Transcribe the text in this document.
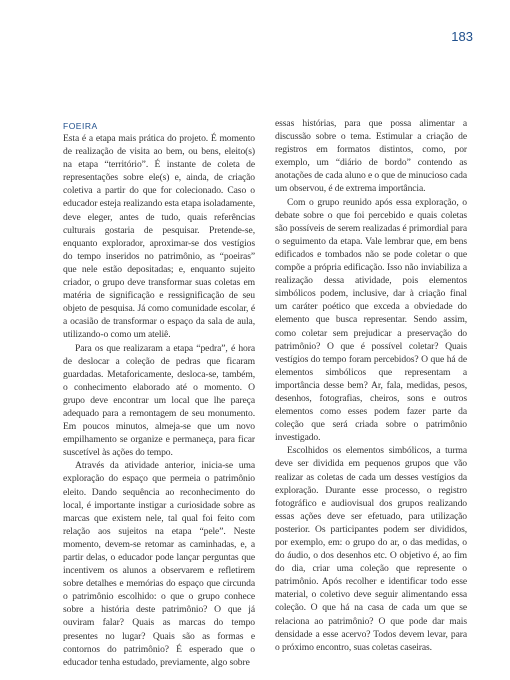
183
FOEIRA

Esta é a etapa mais prática do projeto. É momento de realização de visita ao bem, ou bens, eleito(s) na etapa “território”. É instante de coleta de representações sobre ele(s) e, ainda, de criação coletiva a partir do que for colecionado. Caso o educador esteja realizando esta etapa isoladamente, deve eleger, antes de tudo, quais referências culturais gostaria de pesquisar. Pretende-se, enquanto explorador, aproximar-se dos vestígios do tempo inseridos no patrimônio, as “poeiras” que nele estão depositadas; e, enquanto sujeito criador, o grupo deve transformar suas coletas em matéria de significação e ressignificação de seu objeto de pesquisa. Já como comunidade escolar, é a ocasião de transformar o espaço da sala de aula, utilizando-o como um ateliê.

Para os que realizaram a etapa “pedra”, é hora de deslocar a coleção de pedras que ficaram guardadas. Metaforicamente, desloca-se, também, o conhecimento elaborado até o momento. O grupo deve encontrar um local que lhe pareça adequado para a remontagem de seu monumento. Em poucos minutos, almeja-se que um novo empilhamento se organize e permaneça, para ficar suscetível às ações do tempo.

Através da atividade anterior, inicia-se uma exploração do espaço que permeia o patrimônio eleito. Dando sequência ao reconhecimento do local, é importante instigar a curiosidade sobre as marcas que existem nele, tal qual foi feito com relação aos sujeitos na etapa “pele”. Neste momento, devem-se retomar as caminhadas, e, a partir delas, o educador pode lançar perguntas que incentivem os alunos a observarem e refletirem sobre detalhes e memórias do espaço que circunda o patrimônio escolhido: o que o grupo conhece sobre a história deste patrimônio? O que já ouviram falar? Quais as marcas do tempo presentes no lugar? Quais são as formas e contornos do patrimônio? É esperado que o educador tenha estudado, previamente, algo sobre

essas histórias, para que possa alimentar a discussão sobre o tema. Estimular a criação de registros em formatos distintos, como, por exemplo, um “diário de bordo” contendo as anotações de cada aluno e o que de minucioso cada um observou, é de extrema importância.

Com o grupo reunido após essa exploração, o debate sobre o que foi percebido e quais coletas são possíveis de serem realizadas é primordial para o seguimento da etapa. Vale lembrar que, em bens edificados e tombados não se pode coletar o que compõe a própria edificação. Isso não inviabiliza a realização dessa atividade, pois elementos simbólicos podem, inclusive, dar à criação final um caráter poético que exceda a obviedade do elemento que busca representar. Sendo assim, como coletar sem prejudicar a preservação do patrimônio? O que é possível coletar? Quais vestígios do tempo foram percebidos? O que há de elementos simbólicos que representam a importância desse bem? Ar, fala, medidas, pesos, desenhos, fotografias, cheiros, sons e outros elementos como esses podem fazer parte da coleção que será criada sobre o patrimônio investigado.

Escolhidos os elementos simbólicos, a turma deve ser dividida em pequenos grupos que vão realizar as coletas de cada um desses vestígios da exploração. Durante esse processo, o registro fotográfico e audiovisual dos grupos realizando essas ações deve ser efetuado, para utilização posterior. Os participantes podem ser divididos, por exemplo, em: o grupo do ar, o das medidas, o do áudio, o dos desenhos etc. O objetivo é, ao fim do dia, criar uma coleção que represente o patrimônio. Após recolher e identificar todo esse material, o coletivo deve seguir alimentando essa coleção. O que há na casa de cada um que se relaciona ao patrimônio? O que pode dar mais densidade a esse acervo? Todos devem levar, para o próximo encontro, suas coletas caseiras.
